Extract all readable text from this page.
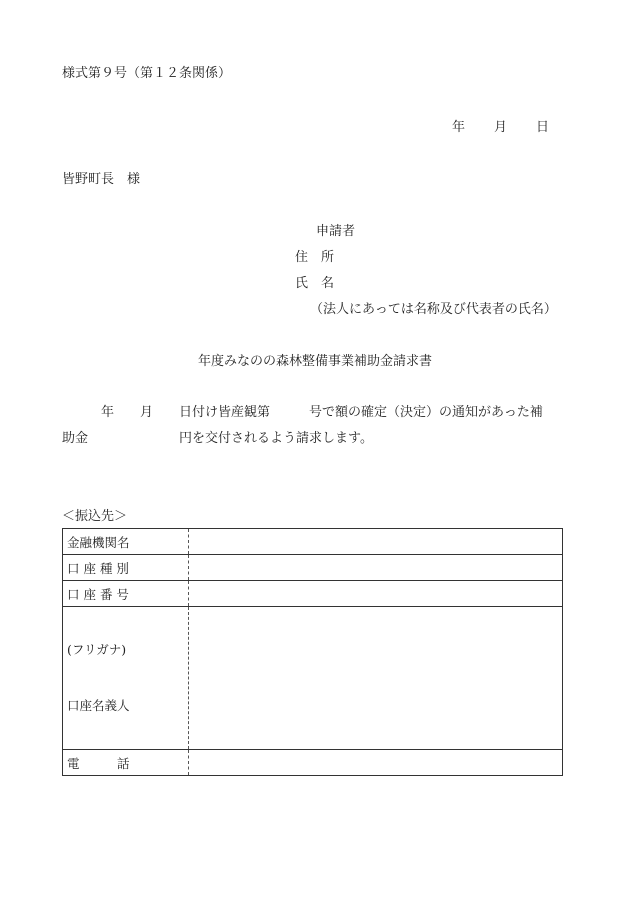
様式第９号（第１２条関係）
年 月 日
皆野町長　様

申請者

住　所

氏　名

（法人にあっては名称及び代表者の氏名）

年度みなのの森林整備事業補助金請求書
　　　年　　月　　日付け皆産観第　　　号で額の確定（決定）の通知があった補
助金　　　　　　　円を交付されるよう請求します。
＜振込先＞
金融機関名	
口 座 種 別	
口 座 番 号	

(フリガナ)

口座名義人	

電　　　話	
